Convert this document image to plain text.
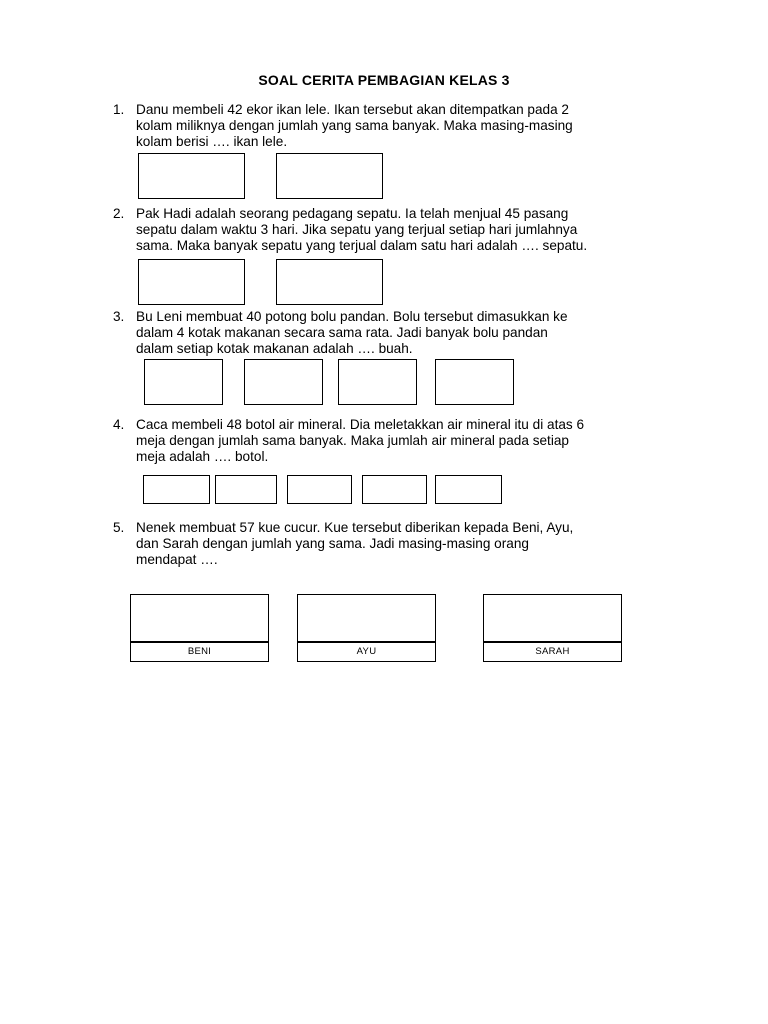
SOAL CERITA PEMBAGIAN KELAS 3
1. Danu membeli 42 ekor ikan lele. Ikan tersebut akan ditempatkan pada 2
kolam miliknya dengan jumlah yang sama banyak. Maka masing-masing
kolam berisi …. ikan lele.
2. Pak Hadi adalah seorang pedagang sepatu. Ia telah menjual 45 pasang
sepatu dalam waktu 3 hari. Jika sepatu yang terjual setiap hari jumlahnya
sama. Maka banyak sepatu yang terjual dalam satu hari adalah …. sepatu.
3. Bu Leni membuat 40 potong bolu pandan. Bolu tersebut dimasukkan ke
dalam 4 kotak makanan secara sama rata. Jadi banyak bolu pandan
dalam setiap kotak makanan adalah …. buah.
4. Caca membeli 48 botol air mineral. Dia meletakkan air mineral itu di atas 6
meja dengan jumlah sama banyak. Maka jumlah air mineral pada setiap
meja adalah …. botol.
5. Nenek membuat 57 kue cucur. Kue tersebut diberikan kepada Beni, Ayu,
dan Sarah dengan jumlah yang sama. Jadi masing-masing orang
mendapat ….
BENI	AYU	SARAH
